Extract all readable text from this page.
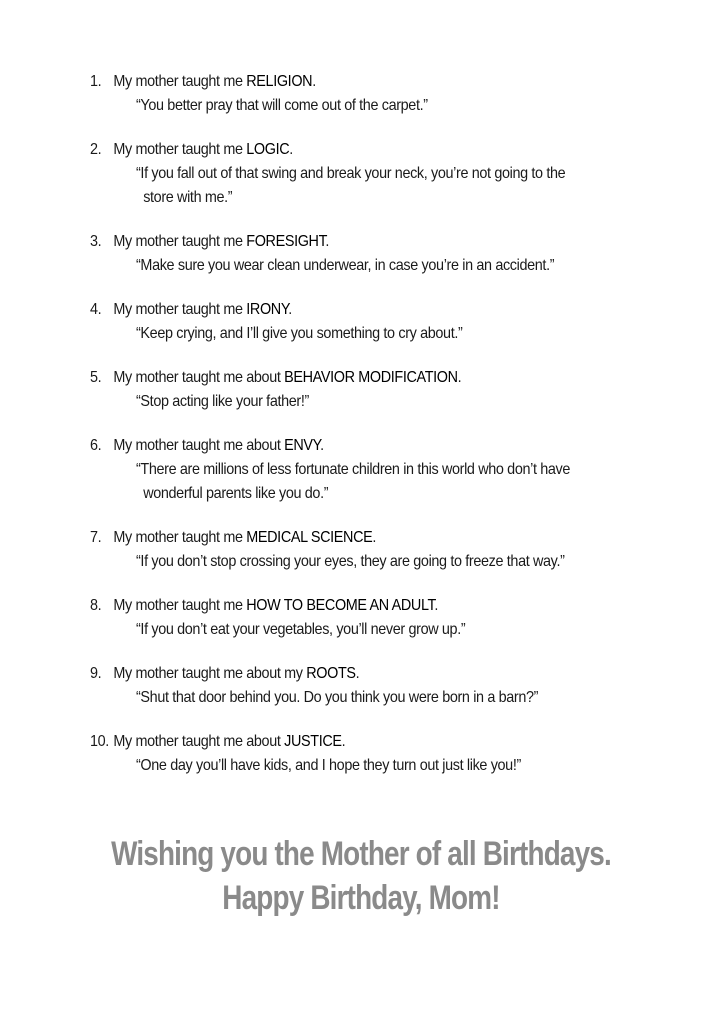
1. My mother taught me RELIGION.
“You better pray that will come out of the carpet.”
2. My mother taught me LOGIC.
“If you fall out of that swing and break your neck, you’re not going to the
store with me.”
3. My mother taught me FORESIGHT.
“Make sure you wear clean underwear, in case you’re in an accident.”
4. My mother taught me IRONY.
“Keep crying, and I’ll give you something to cry about.”
5. My mother taught me about BEHAVIOR MODIFICATION.
“Stop acting like your father!”
6. My mother taught me about ENVY.
“There are millions of less fortunate children in this world who don’t have
wonderful parents like you do.”
7. My mother taught me MEDICAL SCIENCE.
“If you don’t stop crossing your eyes, they are going to freeze that way.”
8. My mother taught me HOW TO BECOME AN ADULT.
“If you don’t eat your vegetables, you’ll never grow up.”
9. My mother taught me about my ROOTS.
“Shut that door behind you. Do you think you were born in a barn?”
10. My mother taught me about JUSTICE.
“One day you’ll have kids, and I hope they turn out just like you!”
Wishing you the Mother of all Birthdays.
Happy Birthday, Mom!
